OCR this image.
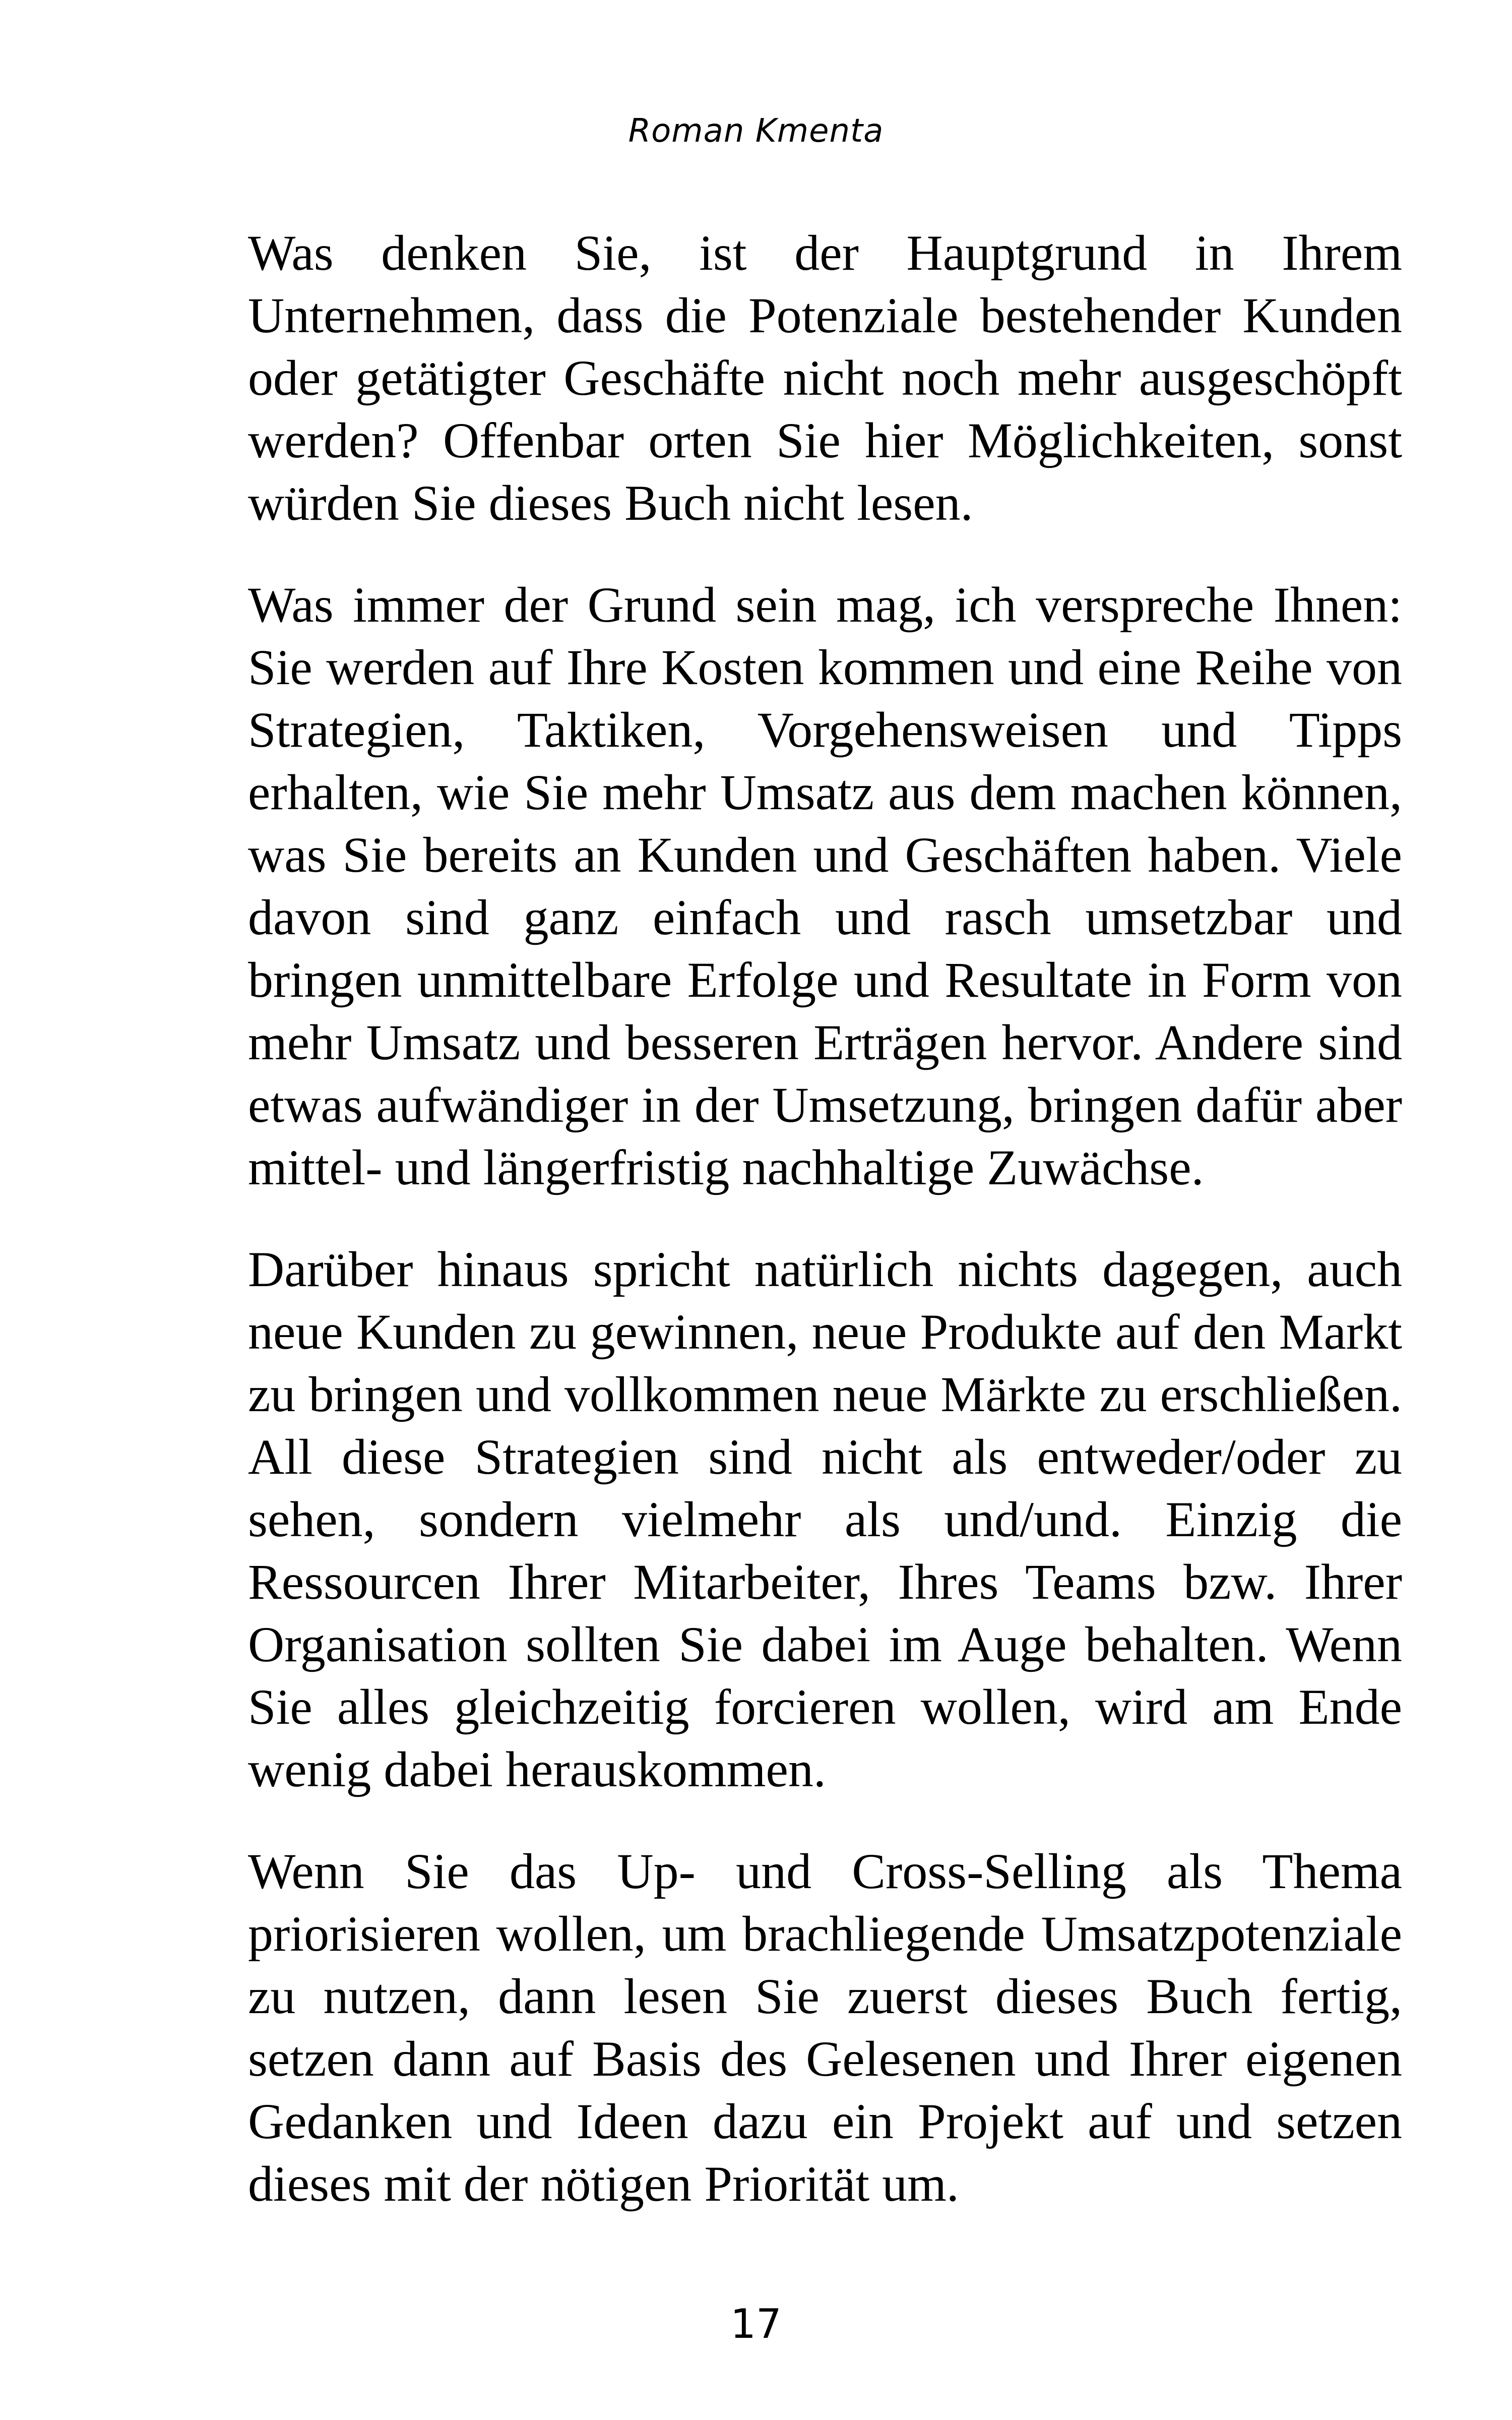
Roman Kmenta

Was denken Sie, ist der Hauptgrund in Ihrem Unternehmen, dass die Potenziale bestehender Kunden oder getätigter Geschäfte nicht noch mehr ausgeschöpft werden? Offenbar orten Sie hier Möglichkeiten, sonst würden Sie dieses Buch nicht lesen.

Was immer der Grund sein mag, ich verspreche Ihnen: Sie werden auf Ihre Kosten kommen und eine Reihe von Strategien, Taktiken, Vorgehensweisen und Tipps erhalten, wie Sie mehr Umsatz aus dem machen können, was Sie bereits an Kunden und Geschäften haben. Viele davon sind ganz einfach und rasch umsetzbar und bringen unmittelbare Erfolge und Resultate in Form von mehr Umsatz und besseren Erträgen hervor. Andere sind etwas aufwändiger in der Umsetzung, bringen dafür aber mittel- und längerfristig nachhaltige Zuwächse.

Darüber hinaus spricht natürlich nichts dagegen, auch neue Kunden zu gewinnen, neue Produkte auf den Markt zu bringen und vollkommen neue Märkte zu erschließen. All diese Strategien sind nicht als entweder/oder zu sehen, sondern vielmehr als und/und. Einzig die Ressourcen Ihrer Mitarbeiter, Ihres Teams bzw. Ihrer Organisation sollten Sie dabei im Auge behalten. Wenn Sie alles gleichzeitig forcieren wollen, wird am Ende wenig dabei herauskommen.

Wenn Sie das Up- und Cross-Selling als Thema priorisieren wollen, um brachliegende Umsatzpotenziale zu nutzen, dann lesen Sie zuerst dieses Buch fertig, setzen dann auf Basis des Gelesenen und Ihrer eigenen Gedanken und Ideen dazu ein Projekt auf und setzen dieses mit der nötigen Priorität um.

17
